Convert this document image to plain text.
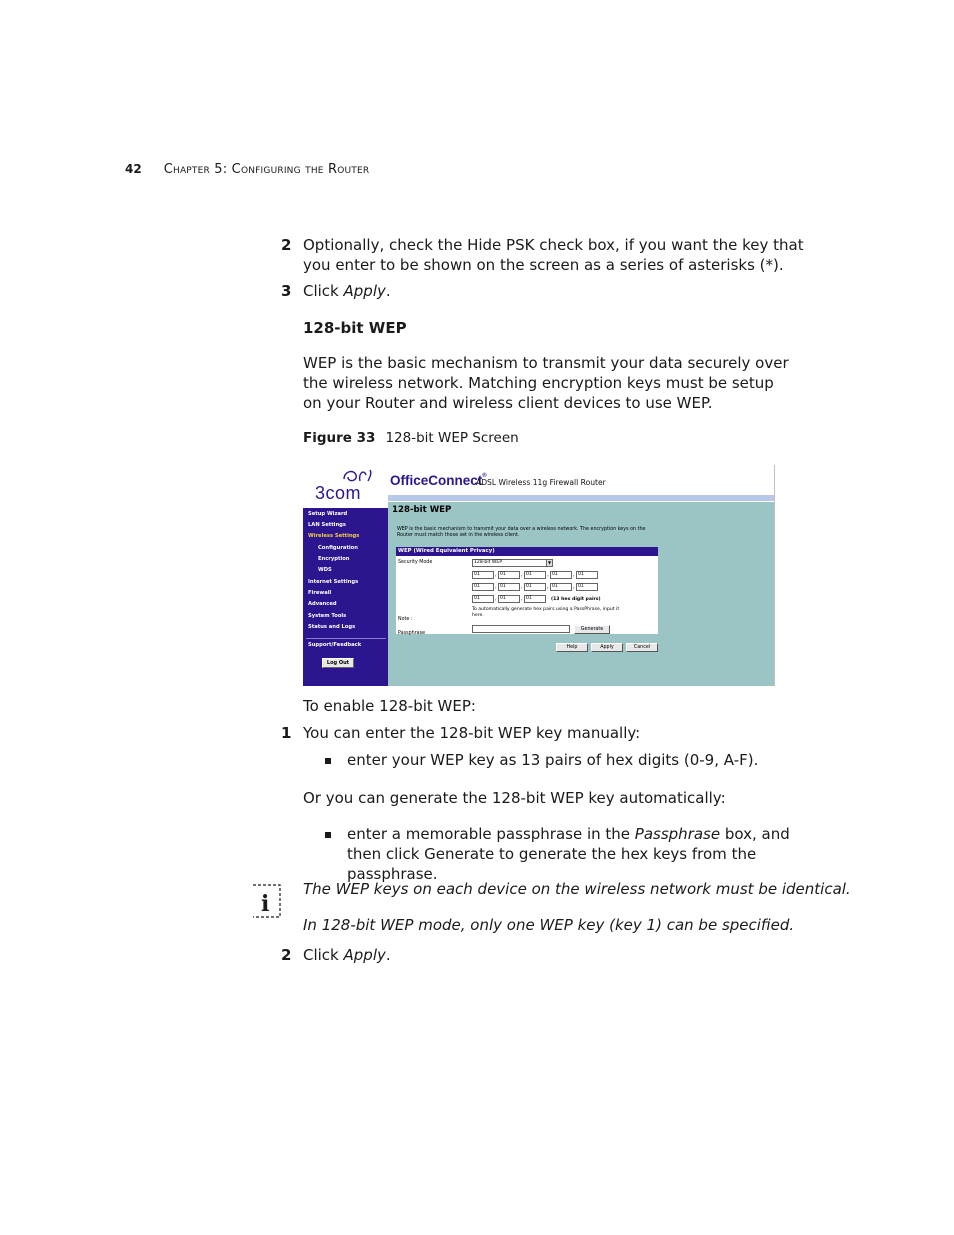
42 Chapter 5: Configuring the Router
2 Optionally, check the Hide PSK check box, if you want the key that you enter to be shown on the screen as a series of asterisks (*).
3 Click Apply.
128-bit WEP
WEP is the basic mechanism to transmit your data securely over the wireless network. Matching encryption keys must be setup on your Router and wireless client devices to use WEP.
Figure 33 128-bit WEP Screen
3com
Setup Wizard
LAN Settings
Wireless Settings
Configuration
Encryption
WDS
Internet Settings
Firewall
Advanced
System Tools
Status and Logs
Support/Feedback
Log Out
OfficeConnect®
ADSL Wireless 11g Firewall Router
128-bit WEP
WEP is the basic mechanism to transmit your data over a wireless network. The encryption keys on the Router must match those set in the wireless client.
WEP (Wired Equivalent Privacy)
Security Mode	128-bit WEP	▼
01	, 01	, 01	, 01	, 01
01	, 01	, 01	, 01	, 01
01	, 01	, 01	(13 hex digit pairs)
Note :
To automatically generate hex pairs using a PassPhrase, input it here.
Passphrase
Generate
Help	Apply	Cancel
To enable 128-bit WEP:
1 You can enter the 128-bit WEP key manually:
enter your WEP key as 13 pairs of hex digits (0-9, A-F).
Or you can generate the 128-bit WEP key automatically:
enter a memorable passphrase in the Passphrase box, and then click Generate to generate the hex keys from the passphrase.
i
The WEP keys on each device on the wireless network must be identical.
In 128-bit WEP mode, only one WEP key (key 1) can be specified.
2 Click Apply.
